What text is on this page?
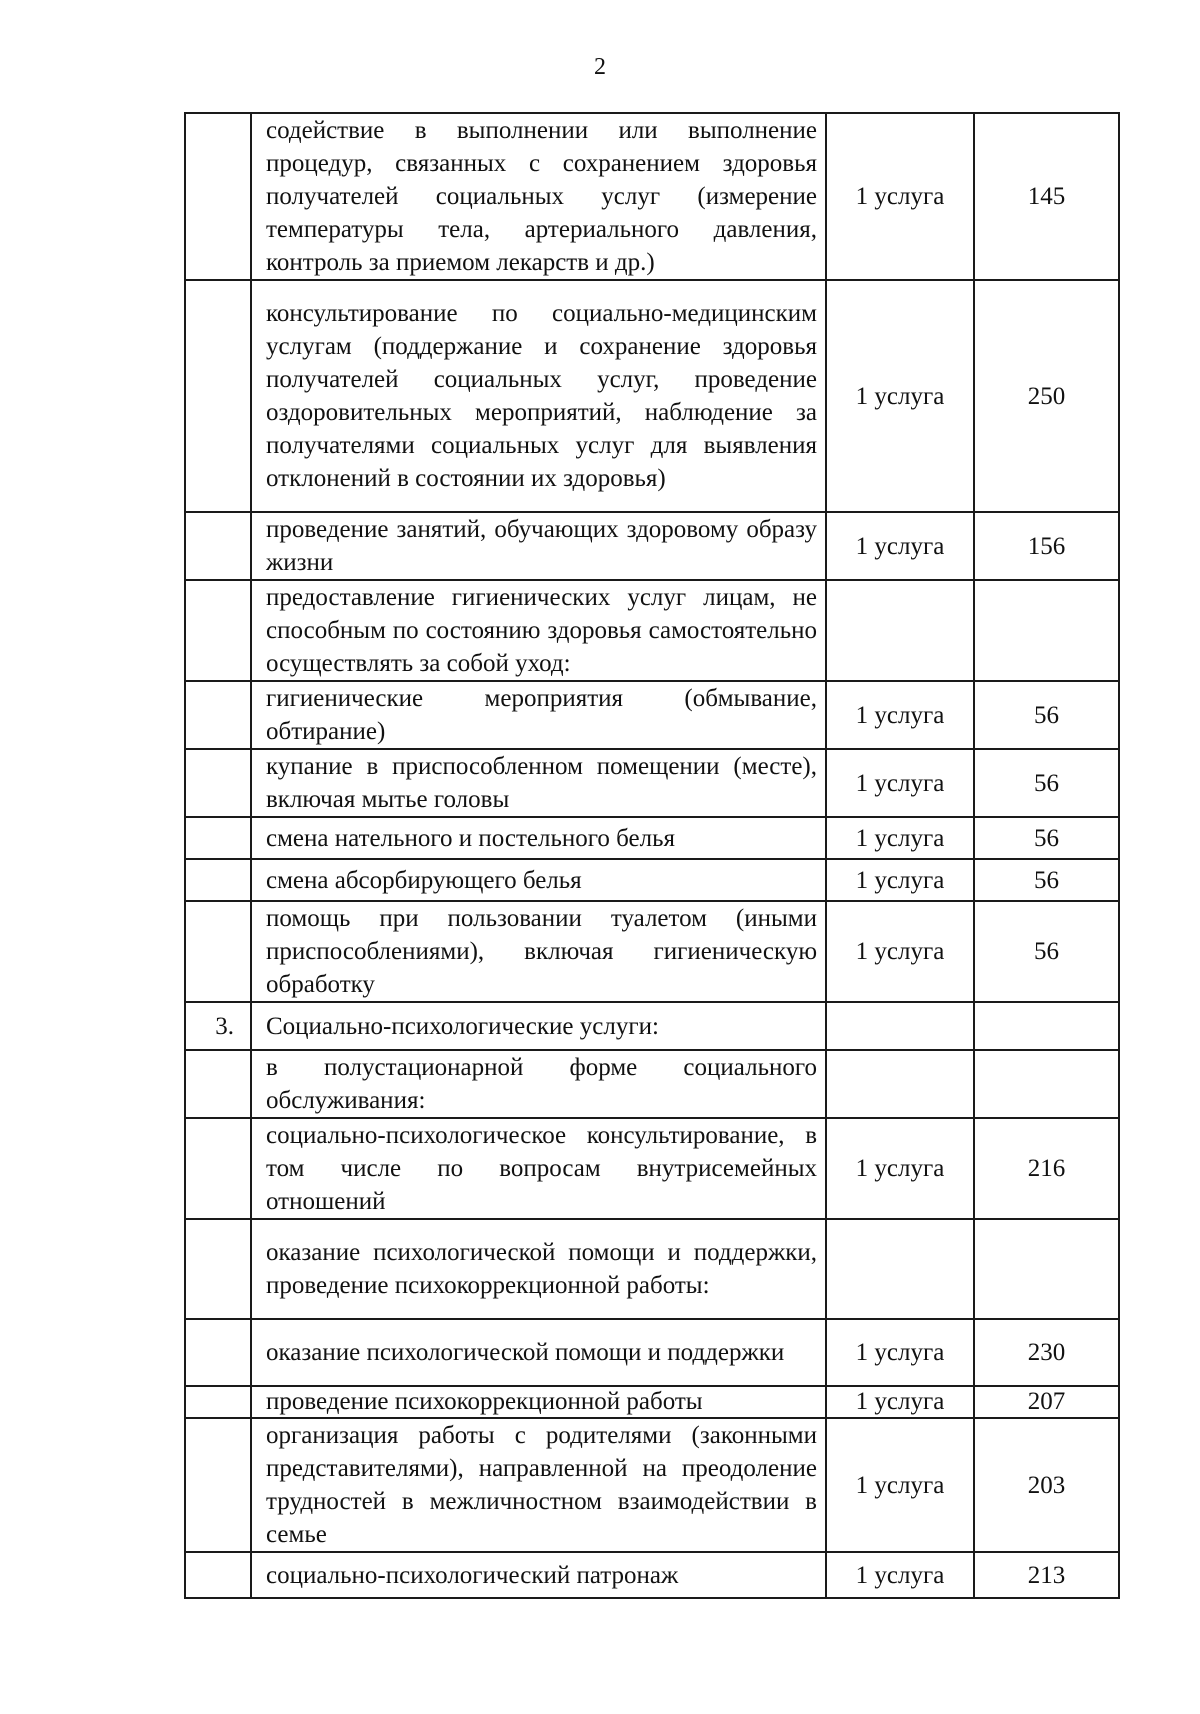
2
	содействие в выполнении или выполнение процедур, связанных с сохранением здоровья получателей социальных услуг (измерение температуры тела, артериального давления, контроль за приемом лекарств и др.)	1 услуга	145
	консультирование по социально-медицинским услугам (поддержание и сохранение здоровья получателей социальных услуг, проведение оздоровительных мероприятий, наблюдение за получателями социальных услуг для выявления отклонений в состоянии их здоровья)	1 услуга	250
	проведение занятий, обучающих здоровому образу жизни	1 услуга	156
	предоставление гигиенических услуг лицам, не способным по состоянию здоровья самостоятельно осуществлять за собой уход:		
	гигиенические мероприятия (обмывание, обтирание)	1 услуга	56
	купание в приспособленном помещении (месте), включая мытье головы	1 услуга	56
	смена нательного и постельного белья	1 услуга	56
	смена абсорбирующего белья	1 услуга	56
	помощь при пользовании туалетом (иными приспособлениями), включая гигиеническую обработку	1 услуга	56
3.	Социально-психологические услуги:		
	в полустационарной форме социального обслуживания:		
	социально-психологическое консультирование, в том числе по вопросам внутрисемейных отношений	1 услуга	216
	оказание психологической помощи и поддержки, проведение психокоррекционной работы:		
	оказание психологической помощи и поддержки	1 услуга	230
	проведение психокоррекционной работы	1 услуга	207
	организация работы с родителями (законными представителями), направленной на преодоление трудностей в межличностном взаимодействии в семье	1 услуга	203
	социально-психологический патронаж	1 услуга	213
